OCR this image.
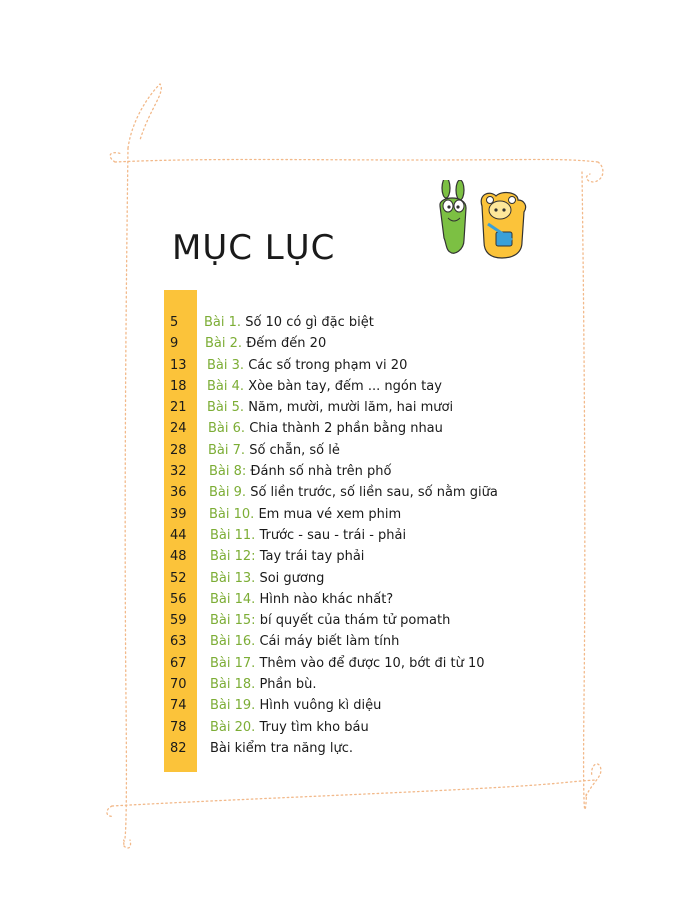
MỤC LỤC
5	Bài 1. Số 10 có gì đặc biệt
9	Bài 2. Đếm đến 20
13	Bài 3. Các số trong phạm vi 20
18	Bài 4. Xòe bàn tay, đếm ... ngón tay
21	Bài 5. Năm, mười, mười lăm, hai mươi
24	Bài 6. Chia thành 2 phần bằng nhau
28	Bài 7. Số chẵn, số lẻ
32	Bài 8: Đánh số nhà trên phố
36	Bài 9. Số liền trước, số liền sau, số nằm giữa
39	Bài 10. Em mua vé xem phim
44	Bài 11. Trước - sau - trái - phải
48	Bài 12: Tay trái tay phải
52	Bài 13. Soi gương
56	Bài 14. Hình nào khác nhất?
59	Bài 15: bí quyết của thám tử pomath
63	Bài 16. Cái máy biết làm tính
67	Bài 17. Thêm vào để được 10, bớt đi từ 10
70	Bài 18. Phần bù.
74	Bài 19. Hình vuông kì diệu
78	Bài 20. Truy tìm kho báu
82	Bài kiểm tra năng lực.
